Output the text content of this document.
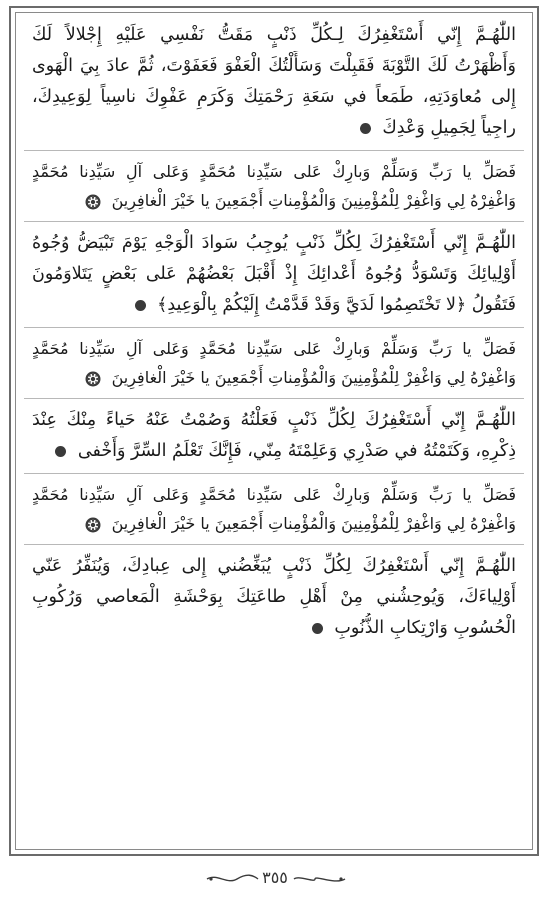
اللّٰهُـمَّ إِنّي أَسْتَغْفِرُكَ لِـكُلِّ ذَنْبٍ مَقَتُّ نَفْسِي عَلَيْهِ إِجْلالاً لَكَ
وَأَظْهَرْتُ لَكَ التَّوْبَةَ فَقَبِلْتَ وَسَأَلْتُكَ الْعَفْوَ فَعَفَوْتَ، ثُمَّ عادَ بِيَ الْهَوى
إِلى مُعاوَدَتِهِ، طَمَعاً في سَعَةِ رَحْمَتِكَ وَكَرَمِ عَفْوِكَ ناسِياً لِوَعِيدِكَ،
راجِياً لِجَمِيلِ وَعْدِكَ
فَصَلِّ يا رَبِّ وَسَلِّمْ وَبارِكْ عَلى سَيِّدِنا مُحَمَّدٍ وَعَلى آلِ سَيِّدِنا مُحَمَّدٍ
وَاغْفِرْهُ لِي وَاغْفِرْ لِلْمُؤْمِنِينَ وَالْمُؤْمِناتِ أَجْمَعِينَ يا خَيْرَ الْغافِرِينَ
اللّٰهُـمَّ إِنّي أَسْتَغْفِرُكَ لِكُلِّ ذَنْبٍ يُوجِبُ سَوادَ الْوَجْهِ يَوْمَ تَبْيَضُّ وُجُوهُ
أَوْلِيائِكَ وَتَسْوَدُّ وُجُوهُ أَعْدائِكَ إِذْ أَقْبَلَ بَعْضُهُمْ عَلى بَعْضٍ يَتَلاوَمُونَ
فَتَقُولُ ﴿لا تَخْتَصِمُوا لَدَيَّ وَقَدْ قَدَّمْتُ إِلَيْكُمْ بِالْوَعِيدِ﴾
فَصَلِّ يا رَبِّ وَسَلِّمْ وَبارِكْ عَلى سَيِّدِنا مُحَمَّدٍ وَعَلى آلِ سَيِّدِنا مُحَمَّدٍ
وَاغْفِرْهُ لِي وَاغْفِرْ لِلْمُؤْمِنِينَ وَالْمُؤْمِناتِ أَجْمَعِينَ يا خَيْرَ الْغافِرِينَ
اللّٰهُـمَّ إِنّي أَسْتَغْفِرُكَ لِكُلِّ ذَنْبٍ فَعَلْتُهُ وَصُمْتُ عَنْهُ حَياءً مِنْكَ عِنْدَ
ذِكْرِهِ، وَكَتَمْتُهُ في صَدْرِي وَعَلِمْتَهُ مِنّي، فَإِنَّكَ تَعْلَمُ السِّرَّ وَأَخْفى
فَصَلِّ يا رَبِّ وَسَلِّمْ وَبارِكْ عَلى سَيِّدِنا مُحَمَّدٍ وَعَلى آلِ سَيِّدِنا مُحَمَّدٍ
وَاغْفِرْهُ لِي وَاغْفِرْ لِلْمُؤْمِنِينَ وَالْمُؤْمِناتِ أَجْمَعِينَ يا خَيْرَ الْغافِرِينَ
اللّٰهُـمَّ إِنّي أَسْتَغْفِرُكَ لِكُلِّ ذَنْبٍ يُبَغِّضُني إِلى عِبادِكَ، وَيُنَفِّرُ عَنّي
أَوْلِياءَكَ، وَيُوحِشُني مِنْ أَهْلِ طاعَتِكَ بِوَحْشَةِ الْمَعاصي وَرُكُوبِ
الْحُسُوبِ وَارْتِكابِ الذُّنُوبِ
٣٥٥
